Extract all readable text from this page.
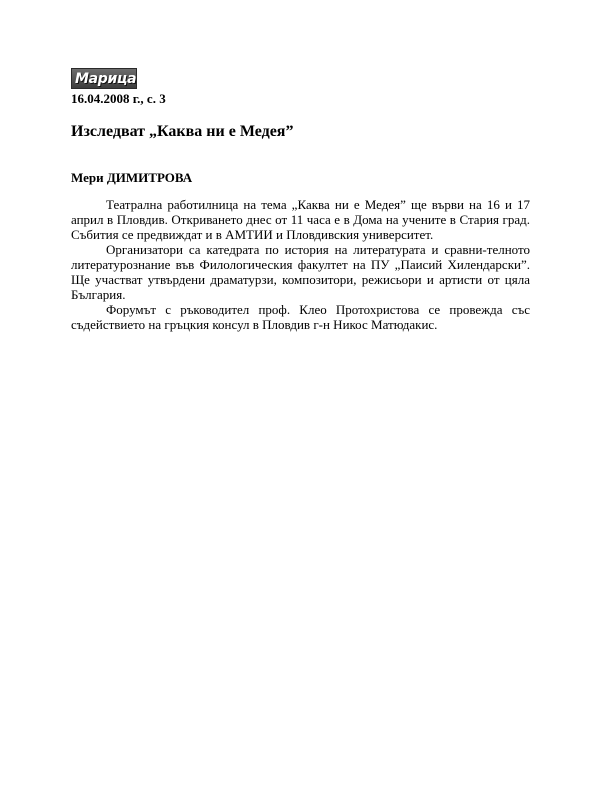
Марица
16.04.2008 г., с. 3
Изследват „Каква ни е Медея”
Мери ДИМИТРОВА

Театрална работилница на тема „Каква ни е Медея” ще върви на 16 и 17 април в Пловдив. Откриването днес от 11 часа е в Дома на учените в Стария град. Събития се предвиждат и в АМТИИ и Пловдивския университет.

Организатори са катедрата по история на литературата и сравни-телното литературознание във Филологическия факултет на ПУ „Паисий Хилендарски”. Ще участват утвърдени драматурзи, композитори, режисьори и артисти от цяла България.

Форумът с ръководител проф. Клео Протохристова се провежда със съдействието на гръцкия консул в Пловдив г-н Никос Матюдакис.
